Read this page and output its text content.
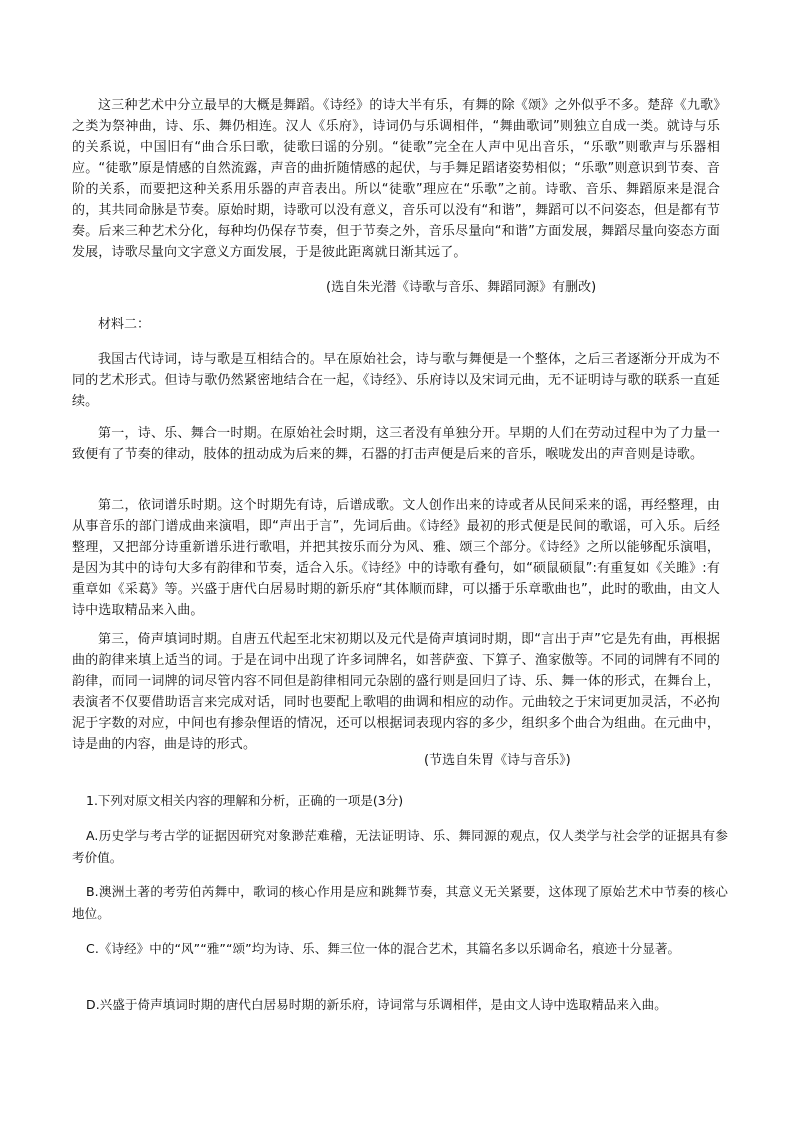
这三种艺术中分立最早的大概是舞蹈。《诗经》的诗大半有乐，有舞的除《颂》之外似乎不多。楚辞《九歌》之类为祭神曲，诗、乐、舞仍相连。汉人《乐府》，诗词仍与乐调相伴，“舞曲歌词”则独立自成一类。就诗与乐的关系说，中国旧有“曲合乐曰歌，徒歌曰谣的分别。“徒歌”完全在人声中见出音乐，“乐歌”则歌声与乐器相应。“徒歌”原是情感的自然流露，声音的曲折随情感的起伏，与手舞足蹈诸姿势相似；“乐歌”则意识到节奏、音阶的关系，而要把这种关系用乐器的声音表出。所以“徒歌”理应在“乐歌”之前。诗歌、音乐、舞蹈原来是混合的，其共同命脉是节奏。原始时期，诗歌可以没有意义，音乐可以没有“和谐”，舞蹈可以不问姿态，但是都有节奏。后来三种艺术分化，每种均仍保存节奏，但于节奏之外，音乐尽量向“和谐”方面发展，舞蹈尽量向姿态方面发展，诗歌尽量向文字意义方面发展，于是彼此距离就日渐其远了。

(选自朱光潜《诗歌与音乐、舞蹈同源》有删改)

材料二：

我国古代诗词，诗与歌是互相结合的。早在原始社会，诗与歌与舞便是一个整体，之后三者逐渐分开成为不同的艺术形式。但诗与歌仍然紧密地结合在一起，《诗经》、乐府诗以及宋词元曲，无不证明诗与歌的联系一直延续。

第一，诗、乐、舞合一时期。在原始社会时期，这三者没有单独分开。早期的人们在劳动过程中为了力量一致便有了节奏的律动，肢体的扭动成为后来的舞，石器的打击声便是后来的音乐，喉咙发出的声音则是诗歌。

第二，依词谱乐时期。这个时期先有诗，后谱成歌。文人创作出来的诗或者从民间采来的谣，再经整理，由从事音乐的部门谱成曲来演唱，即“声出于言”，先词后曲。《诗经》最初的形式便是民间的歌谣，可入乐。后经整理，又把部分诗重新谱乐进行歌唱，并把其按乐而分为风、雅、颂三个部分。《诗经》之所以能够配乐演唱，是因为其中的诗句大多有韵律和节奏，适合入乐。《诗经》中的诗歌有叠句，如“硕鼠硕鼠”:有重复如《关雎》:有重章如《采葛》等。兴盛于唐代白居易时期的新乐府“其体顺而肆，可以播于乐章歌曲也”，此时的歌曲，由文人诗中选取精品来入曲。

第三，倚声填词时期。自唐五代起至北宋初期以及元代是倚声填词时期，即“言出于声”它是先有曲，再根据曲的韵律来填上适当的词。于是在词中出现了许多词牌名，如菩萨蛮、下算子、渔家傲等。不同的词牌有不同的韵律，而同一词牌的词尽管内容不同但是韵律相同元杂剧的盛行则是回归了诗、乐、舞一体的形式，在舞台上，表演者不仅要借助语言来完成对话，同时也要配上歌唱的曲调和相应的动作。元曲较之于宋词更加灵活，不必拘泥于字数的对应，中间也有掺杂俚语的情况，还可以根据词表现内容的多少，组织多个曲合为组曲。在元曲中，诗是曲的内容，曲是诗的形式。

(节选自朱胃《诗与音乐》)

1.下列对原文相关内容的理解和分析，正确的一项是(3分)

A.历史学与考古学的证据因研究对象渺茫难稽，无法证明诗、乐、舞同源的观点，仅人类学与社会学的证据具有参考价值。

B.澳洲土著的考劳伯芮舞中，歌词的核心作用是应和跳舞节奏，其意义无关紧要，这体现了原始艺术中节奏的核心地位。

C.《诗经》中的“风”“雅”“颂”均为诗、乐、舞三位一体的混合艺术，其篇名多以乐调命名，痕迹十分显著。

D.兴盛于倚声填词时期的唐代白居易时期的新乐府，诗词常与乐调相伴，是由文人诗中选取精品来入曲。
